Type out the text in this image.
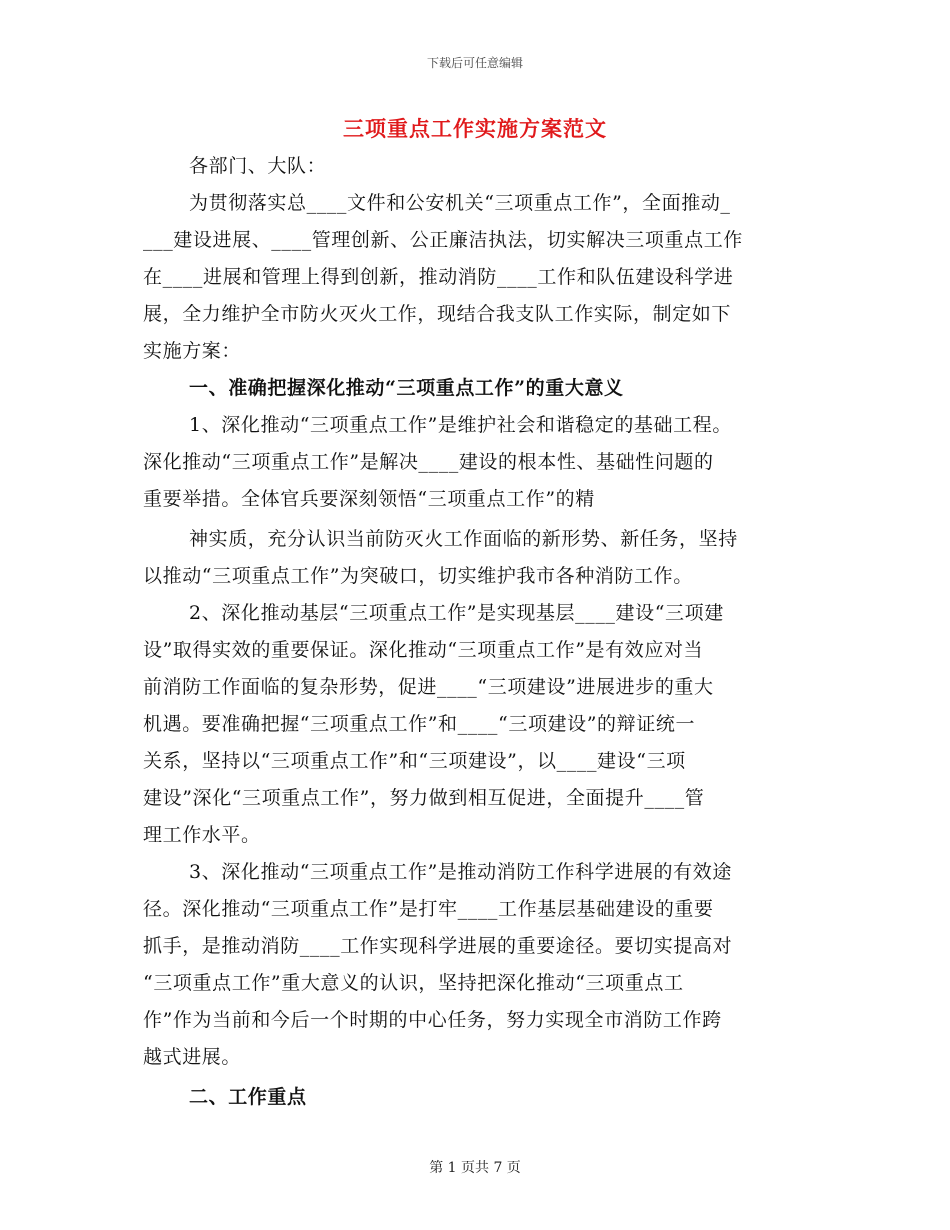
下载后可任意编辑
三项重点工作实施方案范文
各部门、大队：
为贯彻落实总____文件和公安机关“三项重点工作”，全面推动_
___建设进展、____管理创新、公正廉洁执法，切实解决三项重点工作
在____进展和管理上得到创新，推动消防____工作和队伍建设科学进
展，全力维护全市防火灭火工作，现结合我支队工作实际，制定如下
实施方案：
一、准确把握深化推动“三项重点工作”的重大意义
1、深化推动“三项重点工作”是维护社会和谐稳定的基础工程。
深化推动“三项重点工作”是解决____建设的根本性、基础性问题的
重要举措。全体官兵要深刻领悟“三项重点工作”的精
神实质，充分认识当前防灭火工作面临的新形势、新任务，坚持
以推动“三项重点工作”为突破口，切实维护我市各种消防工作。
2、深化推动基层“三项重点工作”是实现基层____建设“三项建
设”取得实效的重要保证。深化推动“三项重点工作”是有效应对当
前消防工作面临的复杂形势，促进____“三项建设”进展进步的重大
机遇。要准确把握“三项重点工作”和____“三项建设”的辩证统一
关系，坚持以“三项重点工作”和“三项建设”，以____建设“三项
建设”深化“三项重点工作”，努力做到相互促进，全面提升____管
理工作水平。
3、深化推动“三项重点工作”是推动消防工作科学进展的有效途
径。深化推动“三项重点工作”是打牢____工作基层基础建设的重要
抓手，是推动消防____工作实现科学进展的重要途径。要切实提高对
“三项重点工作”重大意义的认识，坚持把深化推动“三项重点工
作”作为当前和今后一个时期的中心任务，努力实现全市消防工作跨
越式进展。
二、工作重点
第 1 页共 7 页
